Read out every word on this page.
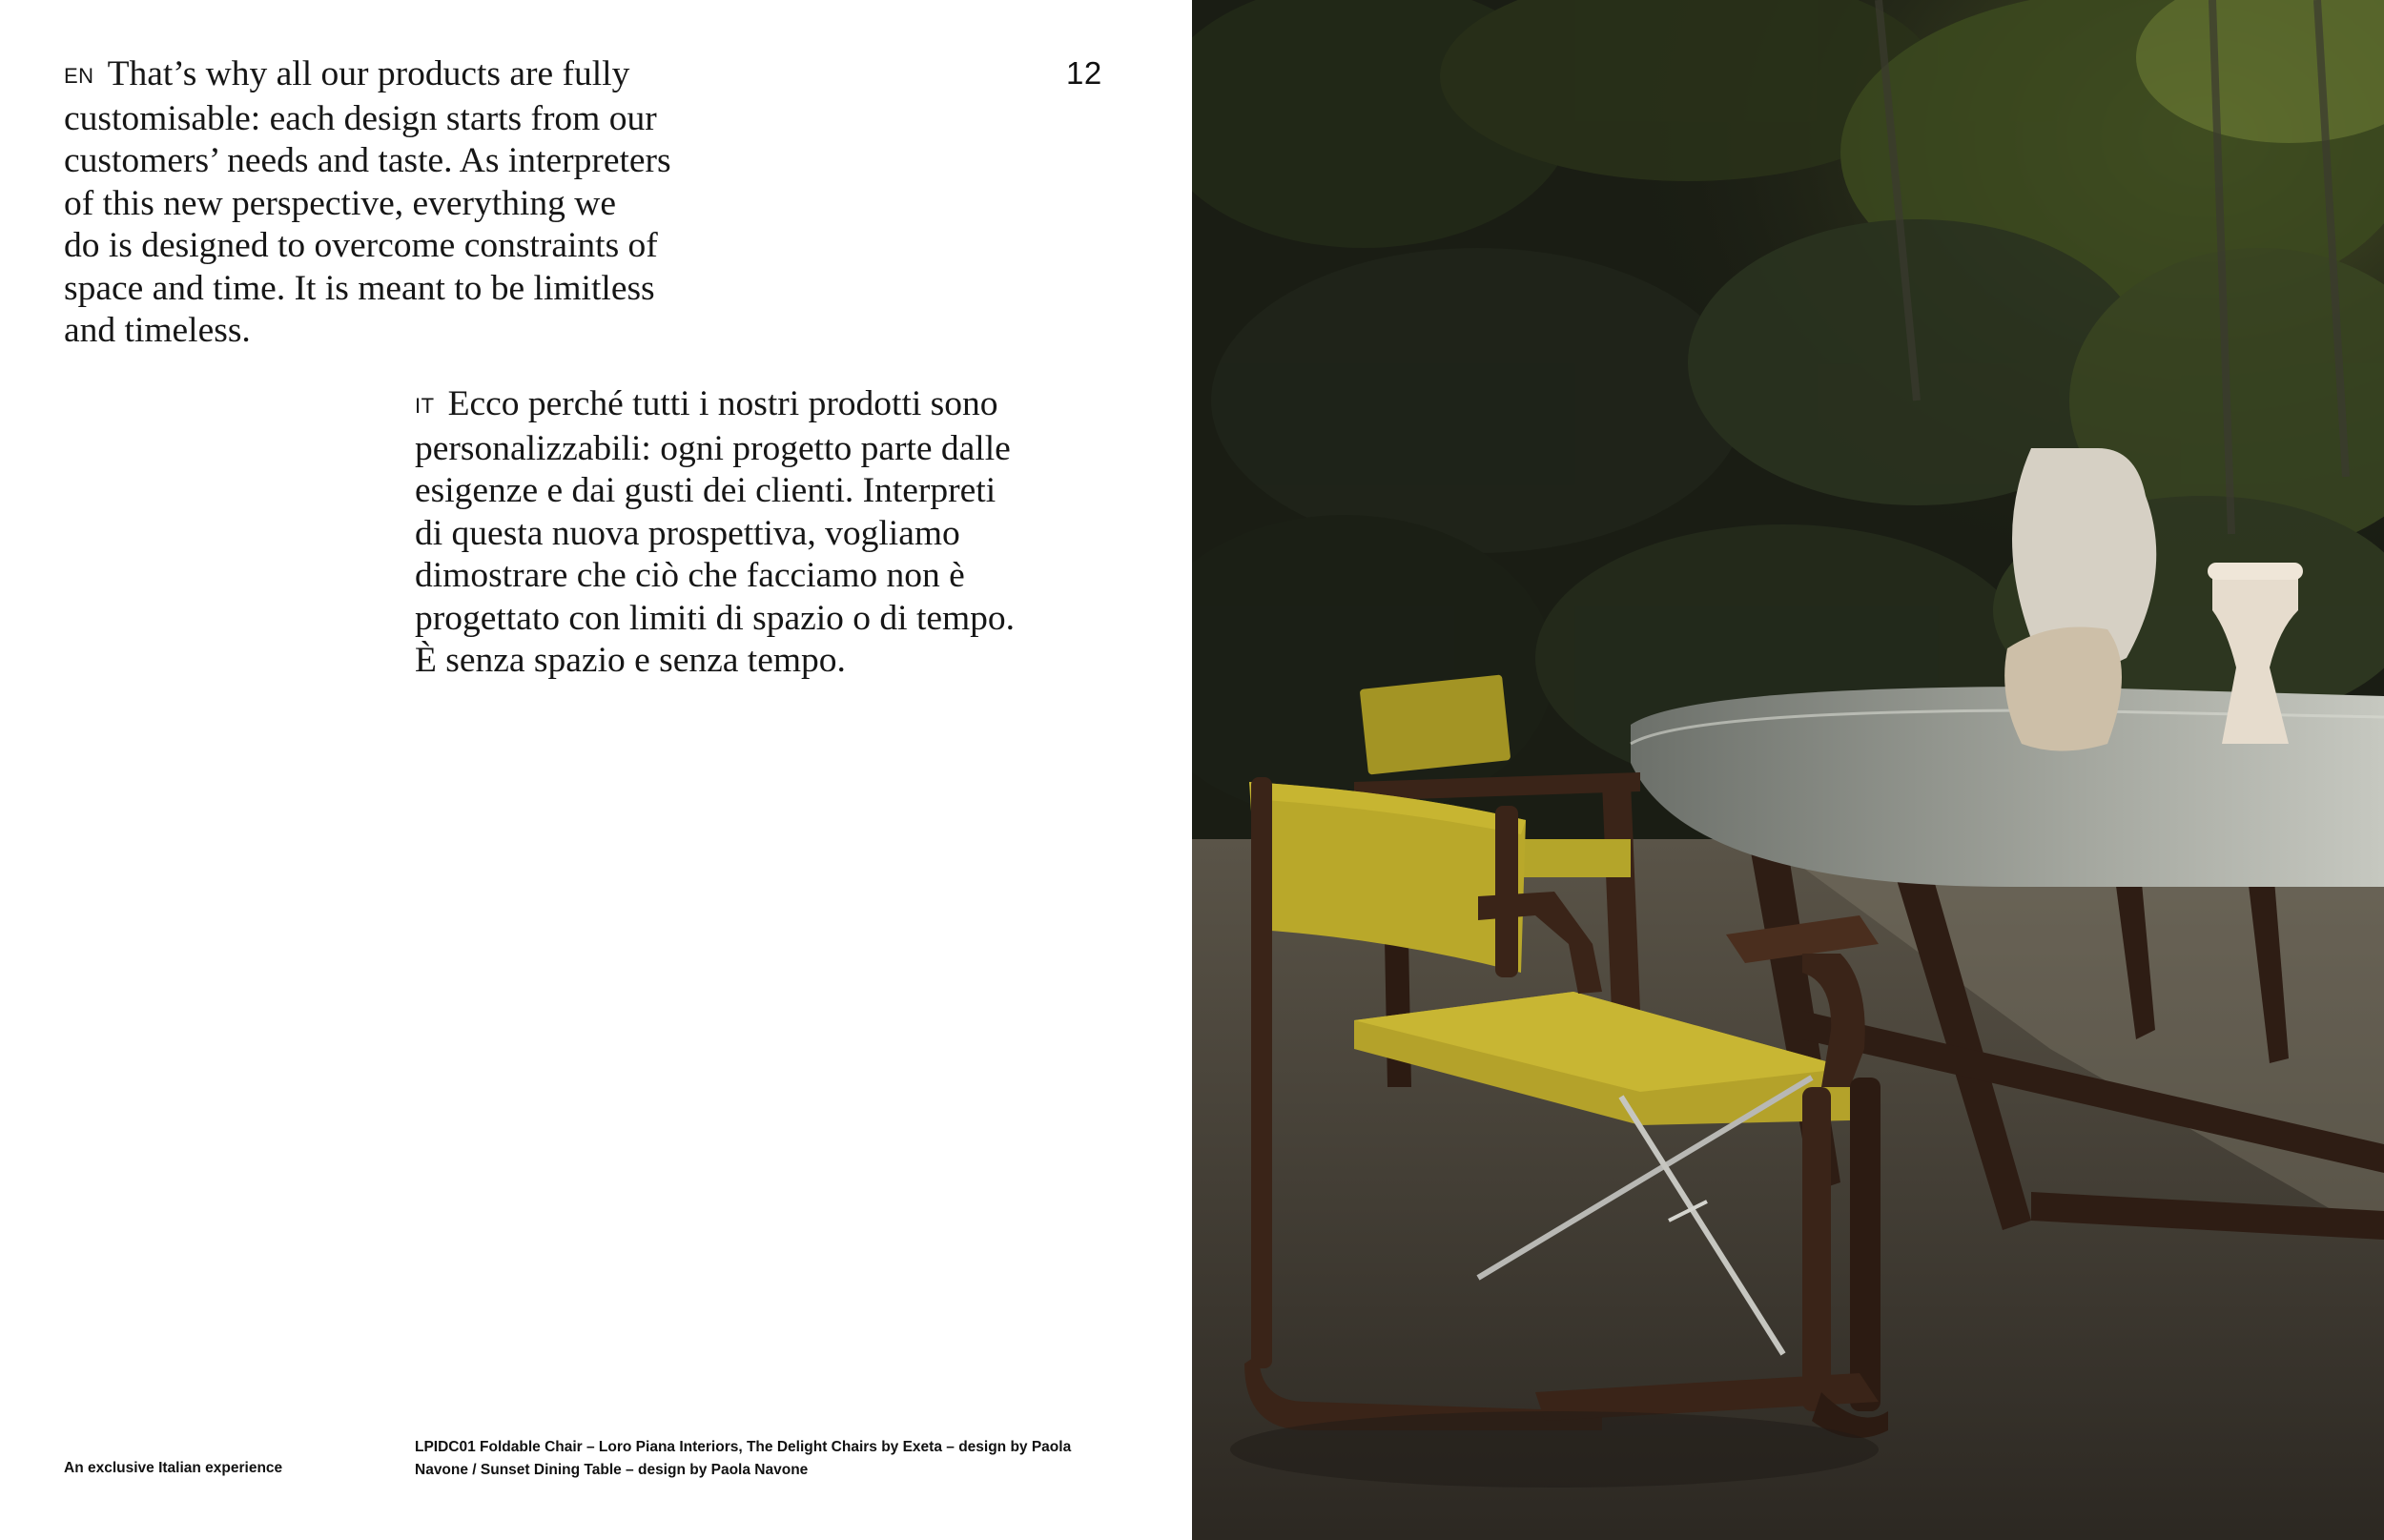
12
EN That’s why all our products are fully
customisable: each design starts from our
customers’ needs and taste. As interpreters
of this new perspective, everything we
do is designed to overcome constraints of
space and time. It is meant to be limitless
and timeless.
IT Ecco perché tutti i nostri prodotti sono
personalizzabili: ogni progetto parte dalle
esigenze e dai gusti dei clienti. Interpreti
di questa nuova prospettiva, vogliamo
dimostrare che ciò che facciamo non è
progettato con limiti di spazio o di tempo.
È senza spazio e senza tempo.
An exclusive Italian experience
LPIDC01 Foldable Chair – Loro Piana Interiors, The Delight Chairs by Exeta – design by Paola
Navone / Sunset Dining Table – design by Paola Navone
